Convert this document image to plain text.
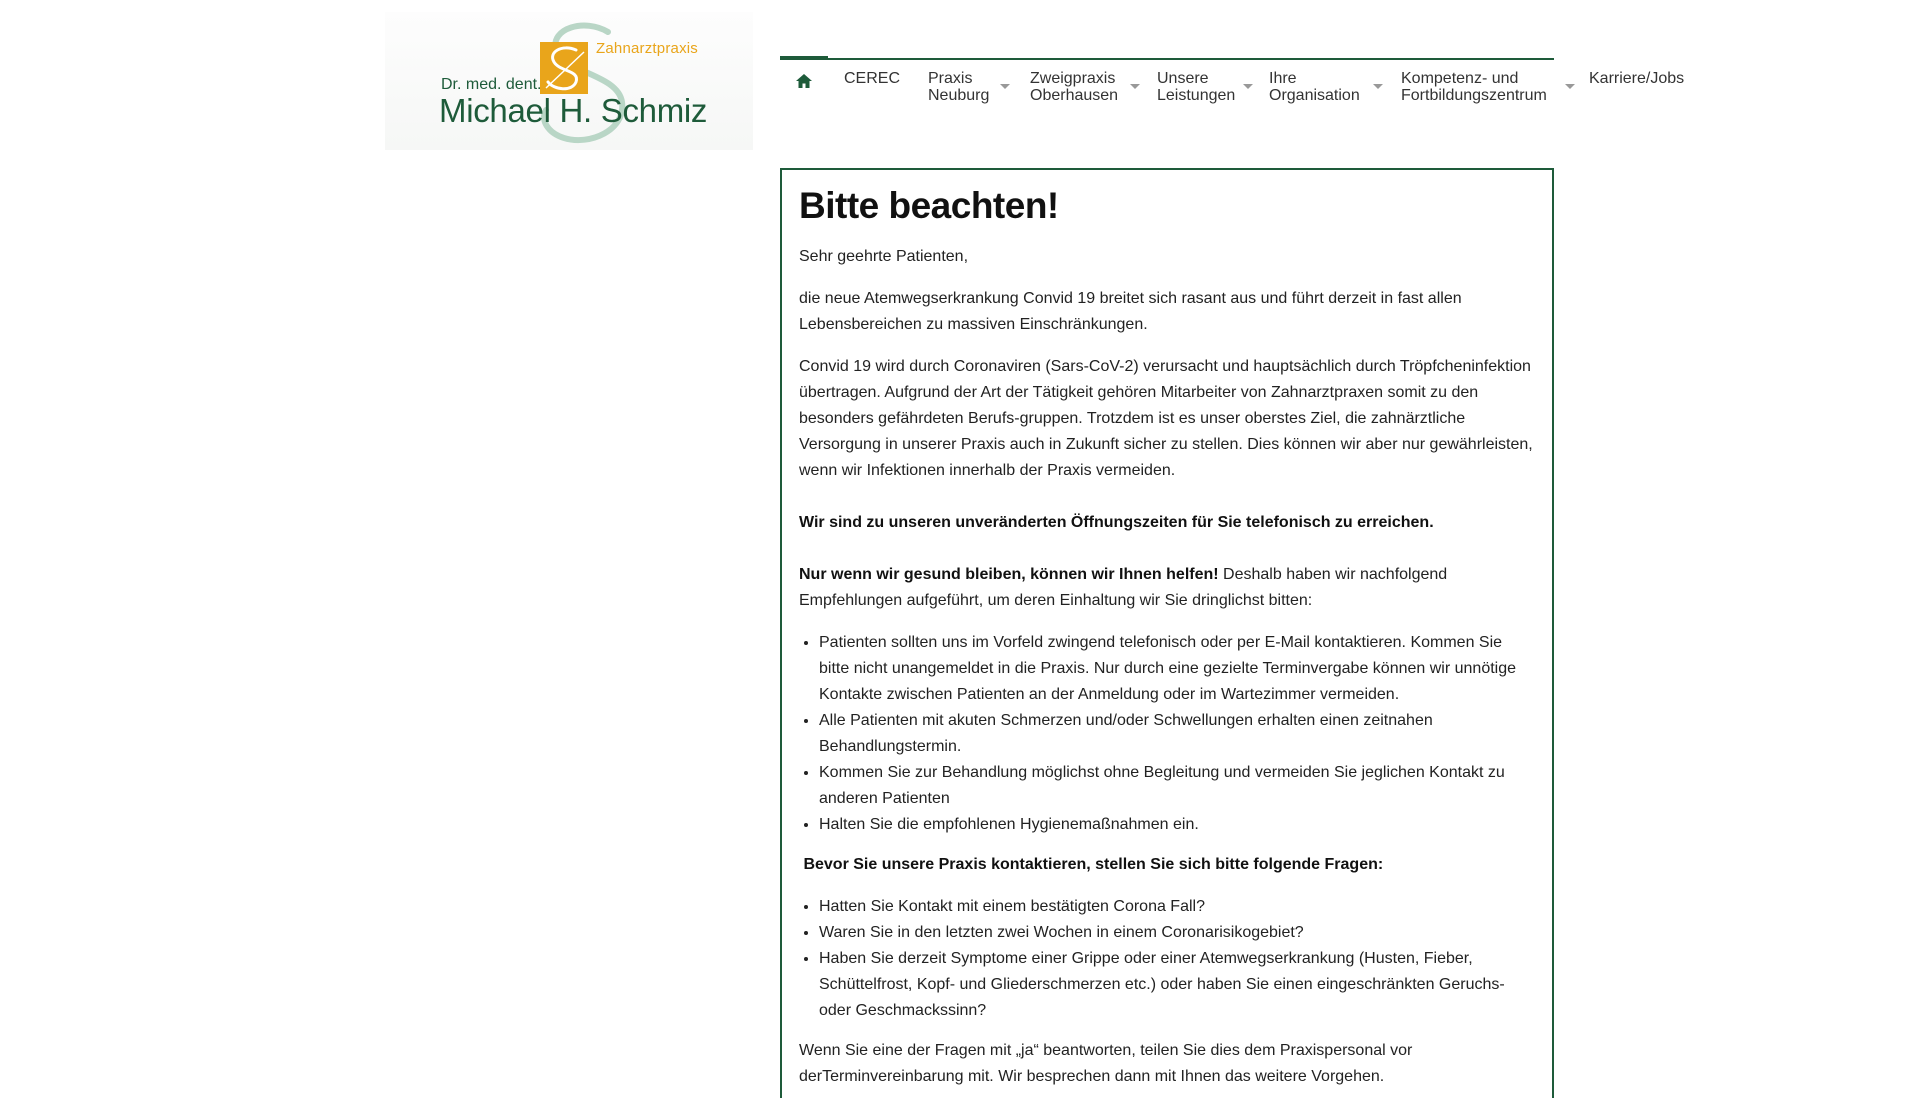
Zahnarztpraxis
Dr. med. dent.
Michael H. Schmiz
CEREC Praxis
Neuburg
Zweigpraxis
Oberhausen
Unsere
Leistungen
Ihre
Organisation
Kompetenz- und
Fortbildungszentrum
Karriere/Jobs
Bitte beachten!

Sehr geehrte Patienten,

die neue Atemwegserkrankung Convid 19 breitet sich rasant aus und führt derzeit in fast allen Lebensbereichen zu massiven Einschränkungen.

Convid 19 wird durch Coronaviren (Sars-CoV-2) verursacht und hauptsächlich durch Tröpfcheninfektion übertragen. Aufgrund der Art der Tätigkeit gehören Mitarbeiter von Zahnarztpraxen somit zu den besonders gefährdeten Berufs-gruppen. Trotzdem ist es unser oberstes Ziel, die zahnärztliche Versorgung in unserer Praxis auch in Zukunft sicher zu stellen. Dies können wir aber nur gewährleisten, wenn wir Infektionen innerhalb der Praxis vermeiden.

Wir sind zu unseren unveränderten Öffnungszeiten für Sie telefonisch zu erreichen.

Nur wenn wir gesund bleiben, können wir Ihnen helfen! Deshalb haben wir nachfolgend Empfehlungen aufgeführt, um deren Einhaltung wir Sie dringlichst bitten:

• Patienten sollten uns im Vorfeld zwingend telefonisch oder per E-Mail kontaktieren. Kommen Sie bitte nicht unangemeldet in die Praxis. Nur durch eine gezielte Terminvergabe können wir unnötige Kontakte zwischen Patienten an der Anmeldung oder im Wartezimmer vermeiden.
• Alle Patienten mit akuten Schmerzen und/oder Schwellungen erhalten einen zeitnahen Behandlungstermin.
• Kommen Sie zur Behandlung möglichst ohne Begleitung und vermeiden Sie jeglichen Kontakt zu anderen Patienten
• Halten Sie die empfohlenen Hygienemaßnahmen ein.

Bevor Sie unsere Praxis kontaktieren, stellen Sie sich bitte folgende Fragen:

• Hatten Sie Kontakt mit einem bestätigten Corona Fall?
• Waren Sie in den letzten zwei Wochen in einem Coronarisikogebiet?
• Haben Sie derzeit Symptome einer Grippe oder einer Atemwegserkrankung (Husten, Fieber, Schüttelfrost, Kopf- und Gliederschmerzen etc.) oder haben Sie einen eingeschränkten Geruchs- oder Geschmackssinn?

Wenn Sie eine der Fragen mit „ja“ beantworten, teilen Sie dies dem Praxispersonal vor derTerminvereinbarung mit. Wir besprechen dann mit Ihnen das weitere Vorgehen.
